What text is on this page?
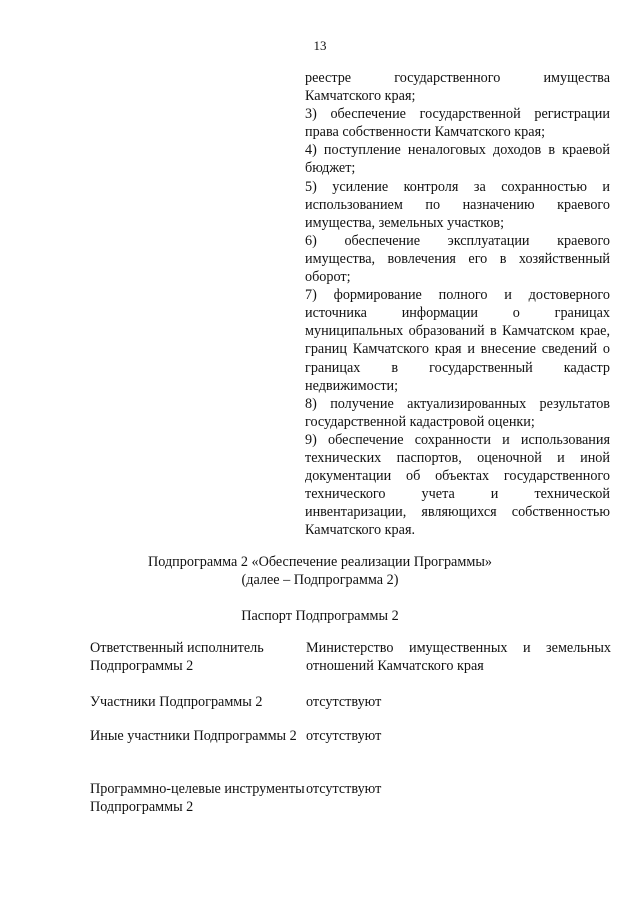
13

реестре государственного имущества Камчатского края;

3) обеспечение государственной регистрации права собственности Камчатского края;

4) поступление неналоговых доходов в краевой бюджет;

5) усиление контроля за сохранностью и использованием по назначению краевого имущества, земельных участков;

6) обеспечение эксплуатации краевого имущества, вовлечения его в хозяйственный оборот;

7) формирование полного и достоверного источника информации о границах муниципальных образований в Камчатском крае, границ Камчатского края и внесение сведений о границах в государственный кадастр недвижимости;

8) получение актуализированных результатов государственной кадастровой оценки;

9) обеспечение сохранности и использования технических паспортов, оценочной и иной документации об объектах государственного технического учета и технической инвентаризации, являющихся собственностью Камчатского края.

Подпрограмма 2 «Обеспечение реализации Программы»
(далее – Подпрограмма 2)
Паспорт Подпрограммы 2
Ответственный исполнитель Подпрограммы 2
Министерство имущественных и земельных отношений Камчатского края
Участники Подпрограммы 2	отсутствуют
Иные участники Подпрограммы 2 отсутствуют
Программно-целевые инструменты Подпрограммы 2
отсутствуют
